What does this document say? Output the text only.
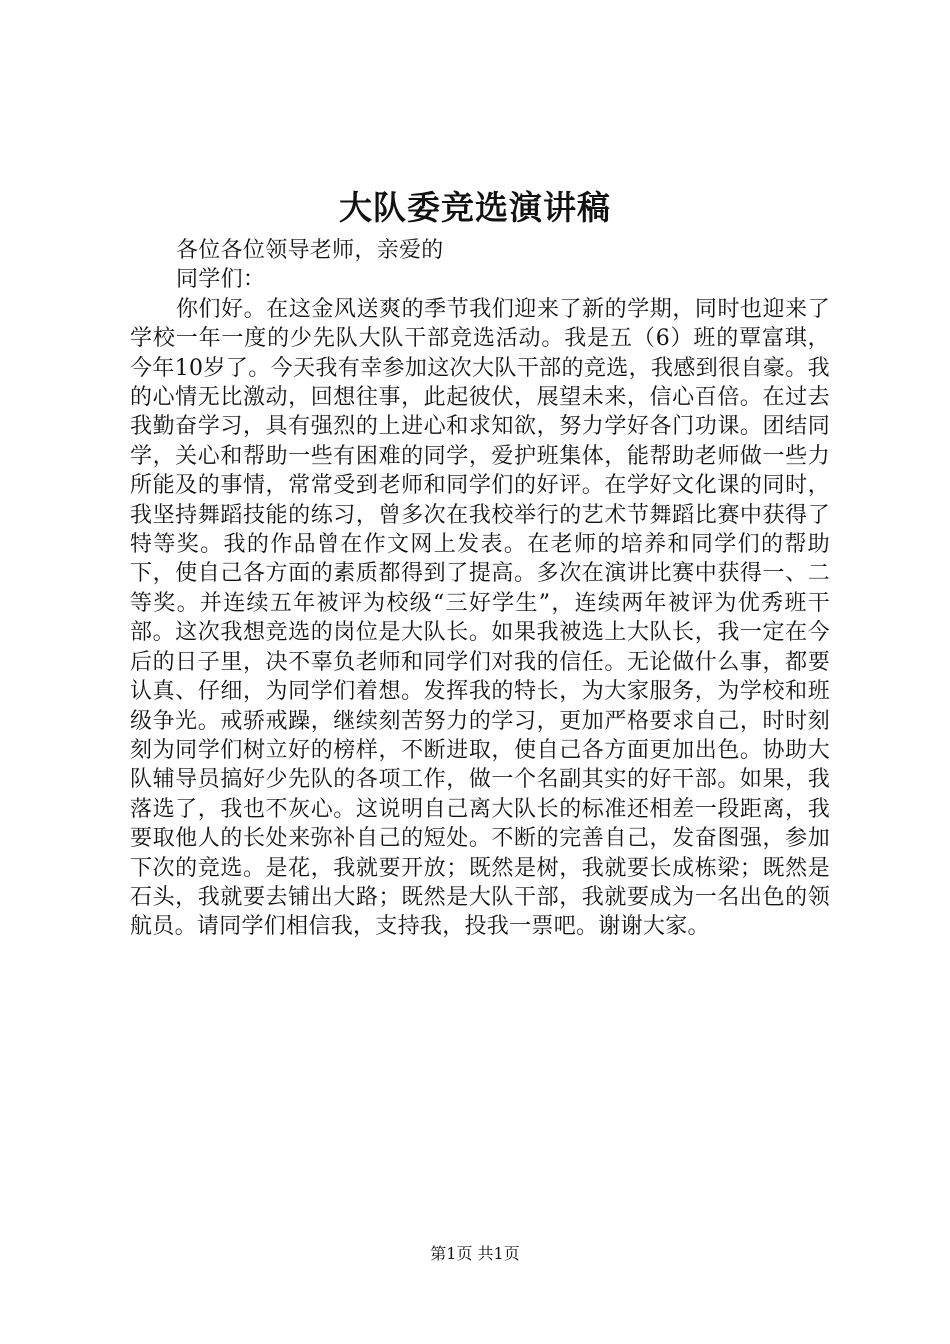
大队委竞选演讲稿

各位各位领导老师，亲爱的

同学们：

你们好。在这金风送爽的季节我们迎来了新的学期，同时也迎来了学校一年一度的少先队大队干部竞选活动。我是五（6）班的覃富琪，今年10岁了。今天我有幸参加这次大队干部的竞选，我感到很自豪。我的心情无比激动，回想往事，此起彼伏，展望未来，信心百倍。在过去我勤奋学习，具有强烈的上进心和求知欲，努力学好各门功课。团结同学，关心和帮助一些有困难的同学，爱护班集体，能帮助老师做一些力所能及的事情，常常受到老师和同学们的好评。在学好文化课的同时，我坚持舞蹈技能的练习，曾多次在我校举行的艺术节舞蹈比赛中获得了特等奖。我的作品曾在作文网上发表。在老师的培养和同学们的帮助下，使自己各方面的素质都得到了提高。多次在演讲比赛中获得一、二等奖。并连续五年被评为校级“三好学生”，连续两年被评为优秀班干部。这次我想竞选的岗位是大队长。如果我被选上大队长，我一定在今后的日子里，决不辜负老师和同学们对我的信任。无论做什么事，都要认真、仔细，为同学们着想。发挥我的特长，为大家服务，为学校和班级争光。戒骄戒躁，继续刻苦努力的学习，更加严格要求自己，时时刻刻为同学们树立好的榜样，不断进取，使自己各方面更加出色。协助大队辅导员搞好少先队的各项工作，做一个名副其实的好干部。如果，我落选了，我也不灰心。这说明自己离大队长的标准还相差一段距离，我要取他人的长处来弥补自己的短处。不断的完善自己，发奋图强，参加下次的竞选。是花，我就要开放；既然是树，我就要长成栋梁；既然是石头，我就要去铺出大路；既然是大队干部，我就要成为一名出色的领航员。请同学们相信我，支持我，投我一票吧。谢谢大家。

第1页 共1页
